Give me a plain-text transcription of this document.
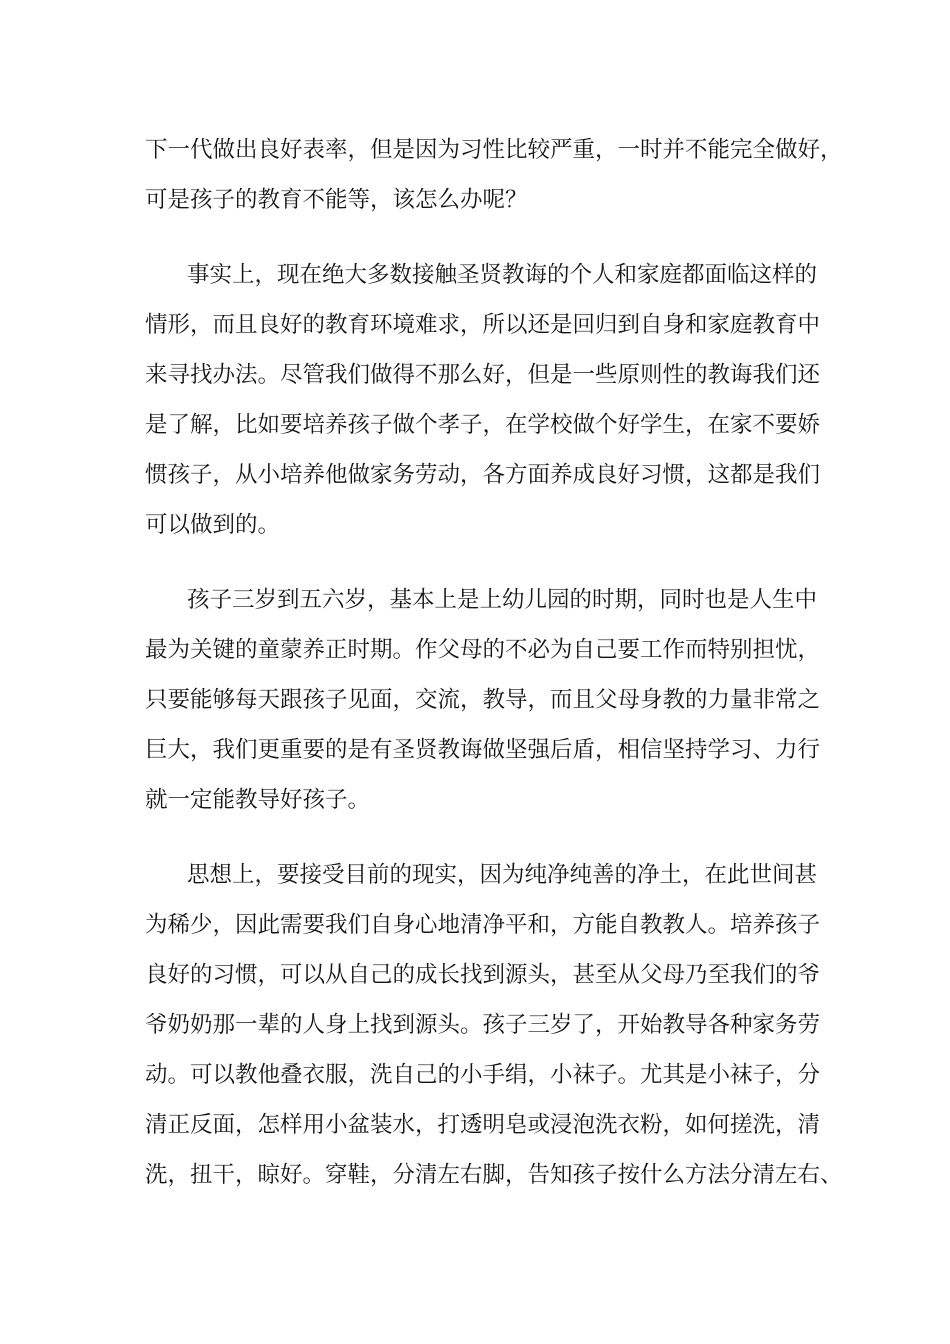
下一代做出良好表率，但是因为习性比较严重，一时并不能完全做好，
可是孩子的教育不能等，该怎么办呢？
事实上，现在绝大多数接触圣贤教诲的个人和家庭都面临这样的
情形，而且良好的教育环境难求，所以还是回归到自身和家庭教育中
来寻找办法。尽管我们做得不那么好，但是一些原则性的教诲我们还
是了解，比如要培养孩子做个孝子，在学校做个好学生，在家不要娇
惯孩子，从小培养他做家务劳动，各方面养成良好习惯，这都是我们
可以做到的。
孩子三岁到五六岁，基本上是上幼儿园的时期，同时也是人生中
最为关键的童蒙养正时期。作父母的不必为自己要工作而特别担忧，
只要能够每天跟孩子见面，交流，教导，而且父母身教的力量非常之
巨大，我们更重要的是有圣贤教诲做坚强后盾，相信坚持学习、力行
就一定能教导好孩子。
思想上，要接受目前的现实，因为纯净纯善的净土，在此世间甚
为稀少，因此需要我们自身心地清净平和，方能自教教人。培养孩子
良好的习惯，可以从自己的成长找到源头，甚至从父母乃至我们的爷
爷奶奶那一辈的人身上找到源头。孩子三岁了，开始教导各种家务劳
动。可以教他叠衣服，洗自己的小手绢，小袜子。尤其是小袜子，分
清正反面，怎样用小盆装水，打透明皂或浸泡洗衣粉，如何搓洗，清
洗，扭干，晾好。穿鞋，分清左右脚，告知孩子按什么方法分清左右、
